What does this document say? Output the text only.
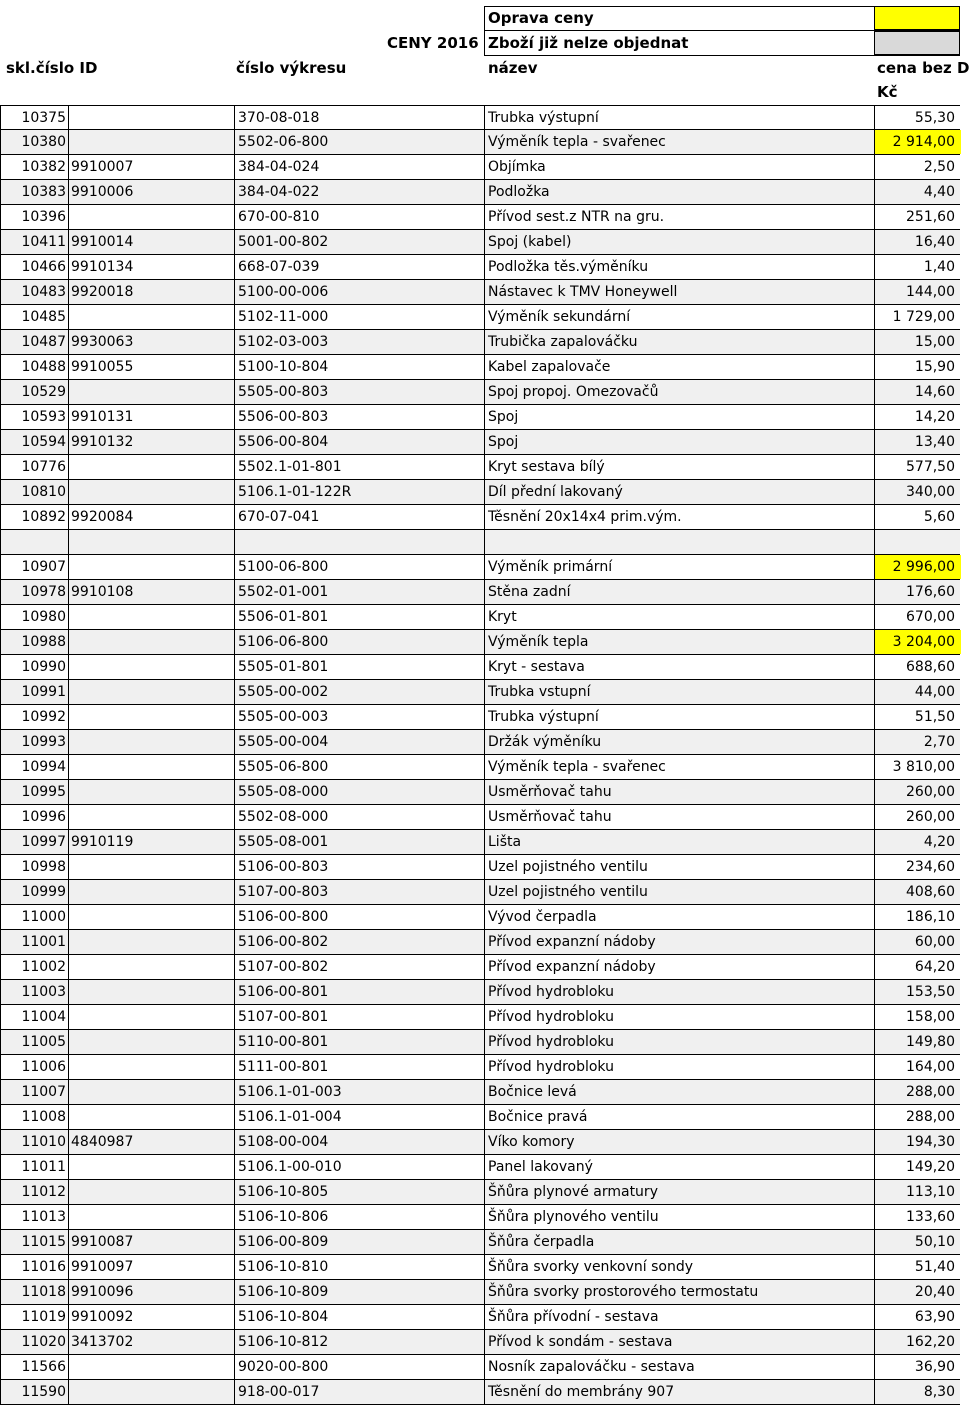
Oprava ceny
CENY 2016 Zboží již nelze objednat
skl.číslo ID	číslo výkresu	název	cena bez D
Kč
10375	370-08-018	Trubka výstupní	55,30
10380	5502-06-800	Výměník tepla - svařenec	2 914,00
10382 9910007	384-04-024	Objímka	2,50
10383 9910006	384-04-022	Podložka	4,40
10396	670-00-810	Přívod sest.z NTR na gru.	251,60
10411 9910014	5001-00-802	Spoj (kabel)	16,40
10466 9910134	668-07-039	Podložka těs.výměníku	1,40
10483 9920018	5100-00-006	Nástavec k TMV Honeywell	144,00
10485	5102-11-000	Výměník sekundární	1 729,00
10487 9930063	5102-03-003	Trubička zapalováčku	15,00
10488 9910055	5100-10-804	Kabel zapalovače	15,90
10529	5505-00-803	Spoj propoj. Omezovačů	14,60
10593 9910131	5506-00-803	Spoj	14,20
10594 9910132	5506-00-804	Spoj	13,40
10776	5502.1-01-801	Kryt sestava bílý	577,50
10810	5106.1-01-122R	Díl přední lakovaný	340,00
10892 9920084	670-07-041	Těsnění 20x14x4 prim.vým.	5,60
10907	5100-06-800	Výměník primární	2 996,00
10978 9910108	5502-01-001	Stěna zadní	176,60
10980	5506-01-801	Kryt	670,00
10988	5106-06-800	Výměník tepla	3 204,00
10990	5505-01-801	Kryt - sestava	688,60
10991	5505-00-002	Trubka vstupní	44,00
10992	5505-00-003	Trubka výstupní	51,50
10993	5505-00-004	Držák výměníku	2,70
10994	5505-06-800	Výměník tepla - svařenec	3 810,00
10995	5505-08-000	Usměrňovač tahu	260,00
10996	5502-08-000	Usměrňovač tahu	260,00
10997 9910119	5505-08-001	Lišta	4,20
10998	5106-00-803	Uzel pojistného ventilu	234,60
10999	5107-00-803	Uzel pojistného ventilu	408,60
11000	5106-00-800	Vývod čerpadla	186,10
11001	5106-00-802	Přívod expanzní nádoby	60,00
11002	5107-00-802	Přívod expanzní nádoby	64,20
11003	5106-00-801	Přívod hydrobloku	153,50
11004	5107-00-801	Přívod hydrobloku	158,00
11005	5110-00-801	Přívod hydrobloku	149,80
11006	5111-00-801	Přívod hydrobloku	164,00
11007	5106.1-01-003	Bočnice levá	288,00
11008	5106.1-01-004	Bočnice pravá	288,00
11010 4840987	5108-00-004	Víko komory	194,30
11011	5106.1-00-010	Panel lakovaný	149,20
11012	5106-10-805	Šňůra plynové armatury	113,10
11013	5106-10-806	Šňůra plynového ventilu	133,60
11015 9910087	5106-00-809	Šňůra čerpadla	50,10
11016 9910097	5106-10-810	Šňůra svorky venkovní sondy	51,40
11018 9910096	5106-10-809	Šňůra svorky prostorového termostatu	20,40
11019 9910092	5106-10-804	Šňůra přívodní - sestava	63,90
11020 3413702	5106-10-812	Přívod k sondám - sestava	162,20
11566	9020-00-800	Nosník zapalováčku - sestava	36,90
11590	918-00-017	Těsnění do membrány 907	8,30
